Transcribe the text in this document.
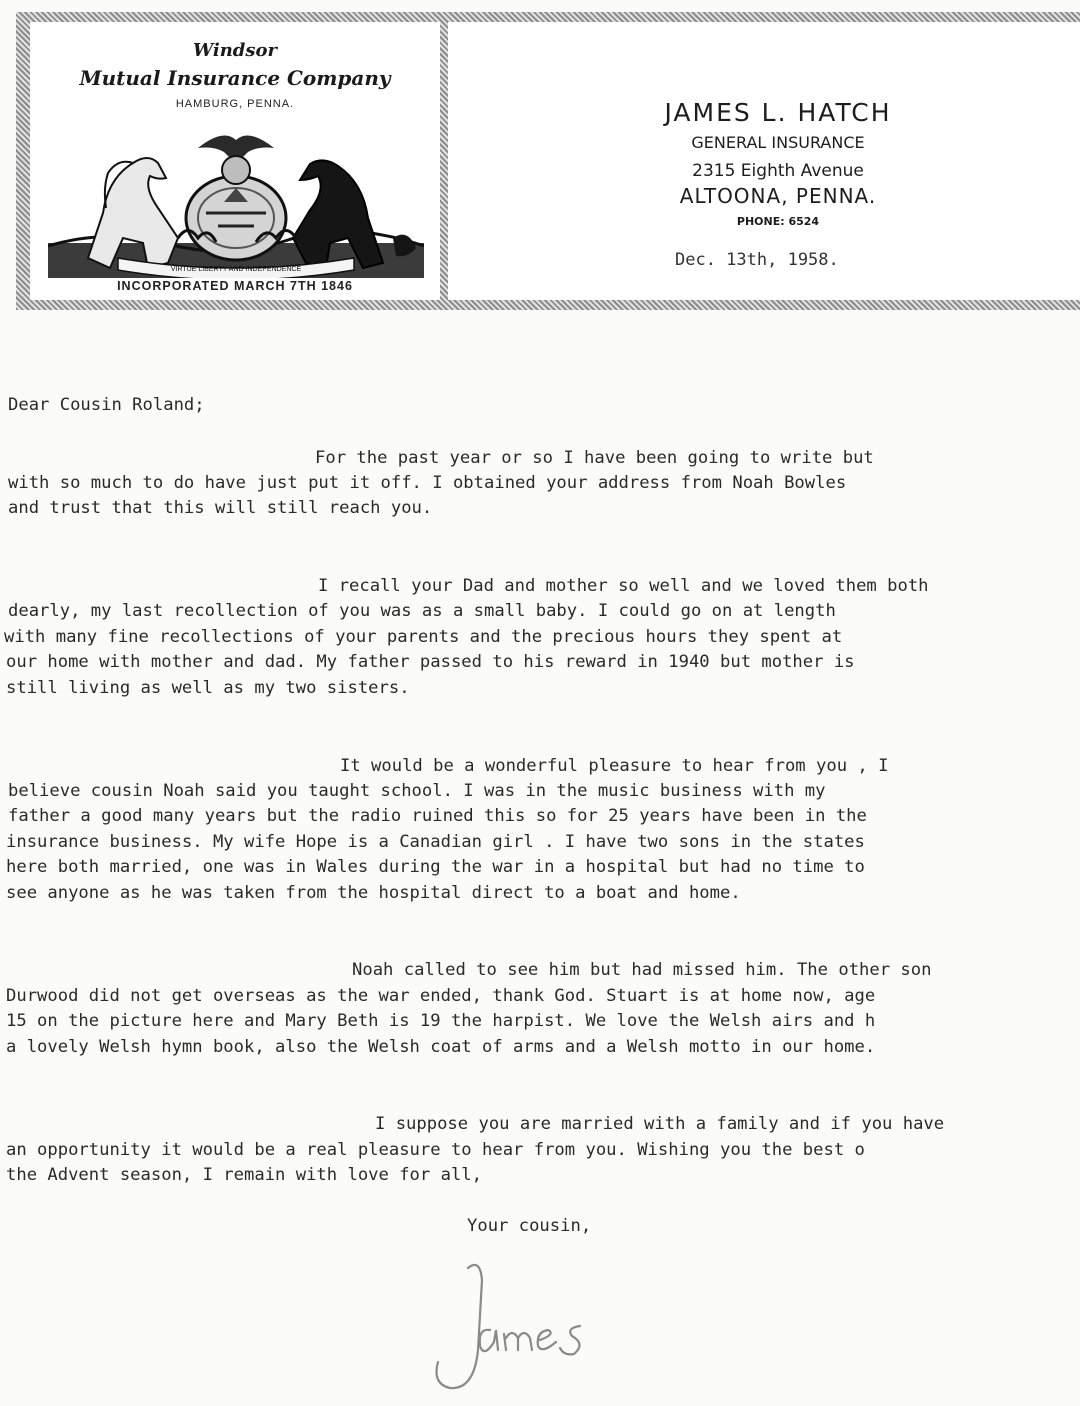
Windsor
Mutual Insurance Company
HAMBURG, PENNA.
VIRTUE LIBERTY AND INDEPENDENCE
INCORPORATED MARCH 7TH 1846
JAMES L. HATCH
GENERAL INSURANCE
2315 Eighth Avenue
ALTOONA, PENNA.
PHONE: 6524
Dec. 13th, 1958.
Dear Cousin Roland;
For the past year or so I have been going to write but
with so much to do have just put it off. I obtained your address from Noah Bowles
and trust that this will still reach you.
I recall your Dad and mother so well and we loved them both
dearly, my last recollection of you was as a small baby. I could go on at length
with many fine recollections of your parents and the precious hours they spent at
our home with mother and dad. My father passed to his reward in 1940 but mother is
still living as well as my two sisters.
It would be a wonderful pleasure to hear from you , I
believe cousin Noah said you taught school. I was in the music business with my
father a good many years but the radio ruined this so for 25 years have been in the
insurance business. My wife Hope is a Canadian girl . I have two sons in the states
here both married, one was in Wales during the war in a hospital but had no time to
see anyone as he was taken from the hospital direct to a boat and home.
Noah called to see him but had missed him. The other son
Durwood did not get overseas as the war ended, thank God. Stuart is at home now, age
15 on the picture here and Mary Beth is 19 the harpist. We love the Welsh airs and h
a lovely Welsh hymn book, also the Welsh coat of arms and a Welsh motto in our home.
I suppose you are married with a family and if you have
an opportunity it would be a real pleasure to hear from you. Wishing you the best o
the Advent season, I remain with love for all,
Your cousin,
